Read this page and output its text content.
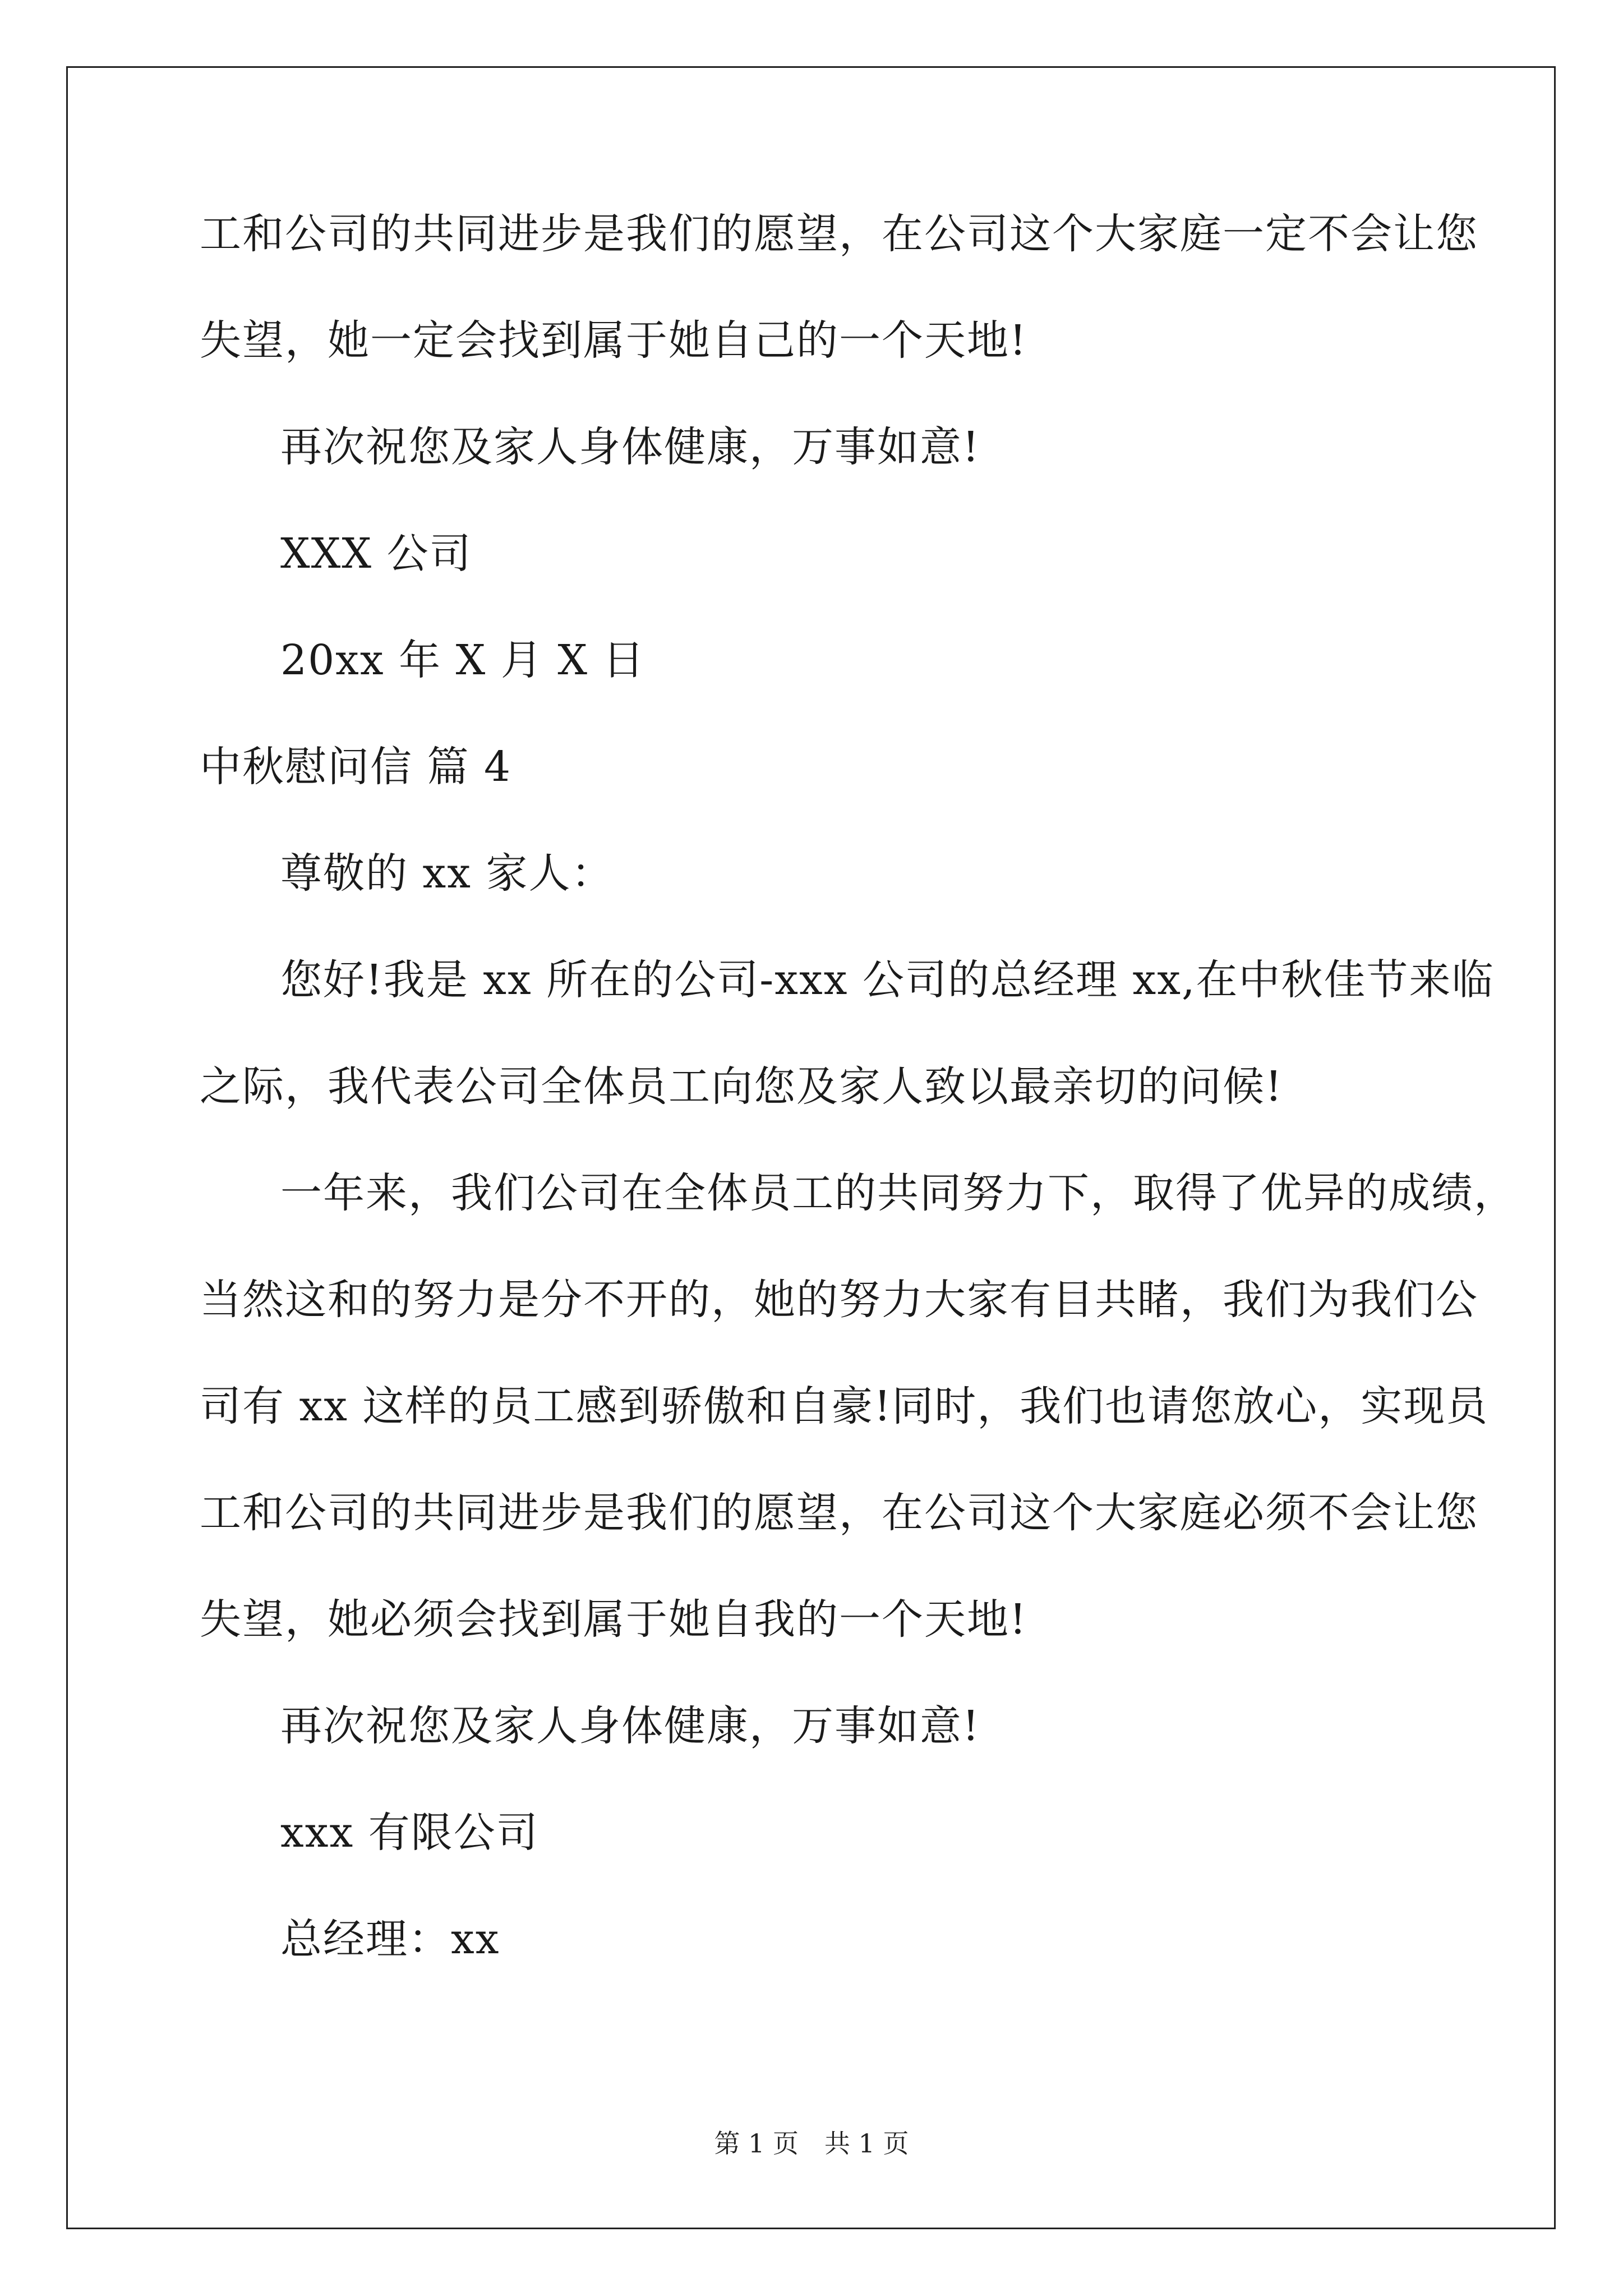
工和公司的共同进步是我们的愿望，在公司这个大家庭一定不会让您
失望，她一定会找到属于她自己的一个天地!
再次祝您及家人身体健康，万事如意!
XXX 公司
20xx 年 X 月 X 日
中秋慰问信 篇 4
尊敬的 xx 家人：
您好!我是 xx 所在的公司-xxx 公司的总经理 xx,在中秋佳节来临
之际，我代表公司全体员工向您及家人致以最亲切的问候!
一年来，我们公司在全体员工的共同努力下，取得了优异的成绩，
当然这和的努力是分不开的，她的努力大家有目共睹，我们为我们公
司有 xx 这样的员工感到骄傲和自豪!同时，我们也请您放心，实现员
工和公司的共同进步是我们的愿望，在公司这个大家庭必须不会让您
失望，她必须会找到属于她自我的一个天地!
再次祝您及家人身体健康，万事如意!
xxx 有限公司
总经理：xx
第 1 页　共 1 页
